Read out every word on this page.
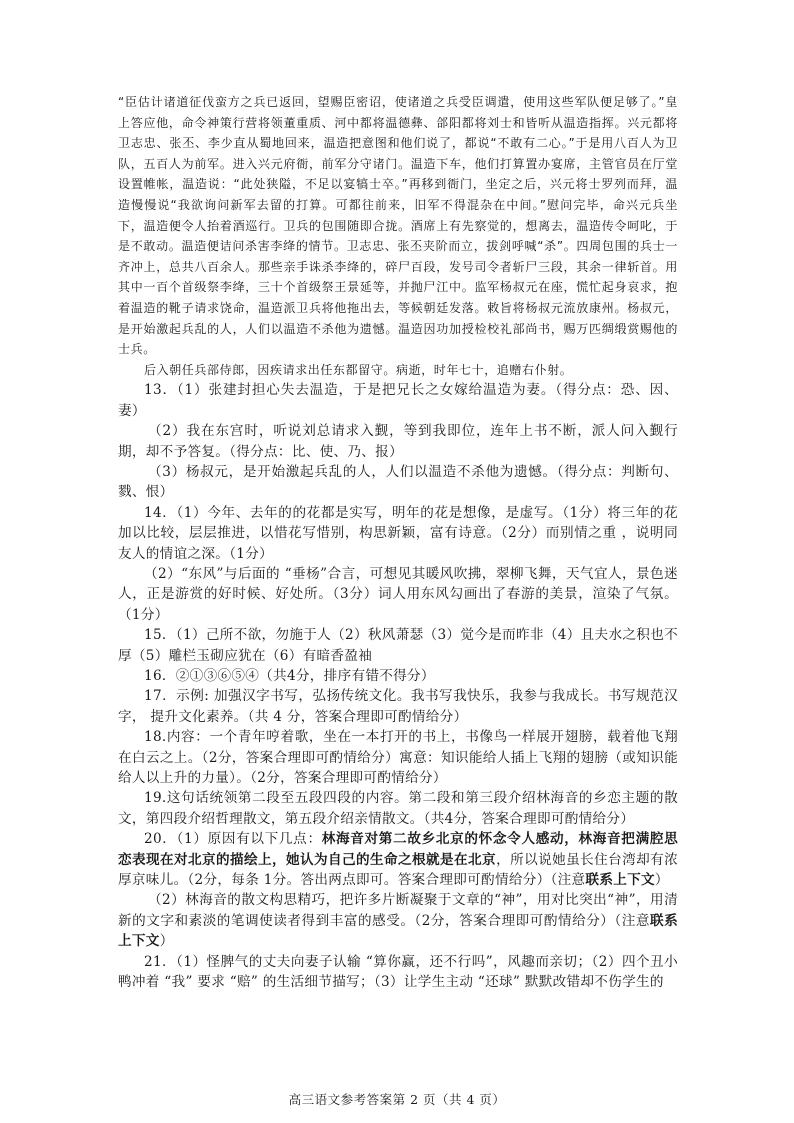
“臣估计诸道征伐蛮方之兵已返回，望赐臣密诏，使诸道之兵受臣调遣，使用这些军队便足够了。”皇上答应他，命令神策行营将领董重质、河中都将温德彝、郃阳都将刘士和皆听从温造指挥。兴元都将卫志忠、张丕、李少直从蜀地回来，温造把意图和他们说了，都说“不敢有二心。”于是用八百人为卫队，五百人为前军。进入兴元府衙，前军分守诸门。温造下车，他们打算置办宴席，主管官员在厅堂设置帷帐，温造说：“此处狭隘，不足以宴犒士卒。”再移到衙门，坐定之后，兴元将士罗列而拜，温造慢慢说“我欲询问新军去留的打算。可都往前来，旧军不得混杂在中间。”慰问完毕，命兴元兵坐下，温造便令人抬着酒巡行。卫兵的包围随即合拢。酒席上有先察觉的，想离去，温造传令呵叱，于是不敢动。温造便诘问杀害李绛的情节。卫志忠、张丕夹阶而立，拔剑呼喊“杀”。四周包围的兵士一齐冲上，总共八百余人。那些亲手诛杀李绛的，碎尸百段，发号司令者斩尸三段，其余一律斩首。用其中一百个首级祭李绛，三十个首级祭王景延等，并抛尸江中。监军杨叔元在座，慌忙起身哀求，抱着温造的靴子请求饶命，温造派卫兵将他拖出去，等候朝廷发落。敕旨将杨叔元流放康州。杨叔元，是开始激起兵乱的人，人们以温造不杀他为遗憾。温造因功加授检校礼部尚书，赐万匹绸缎赏赐他的士兵。

后入朝任兵部侍郎，因疾请求出任东都留守。病逝，时年七十，追赠右仆射。

13．（1）张建封担心失去温造，于是把兄长之女嫁给温造为妻。（得分点：恐、因、妻）

（2）我在东宫时，听说刘总请求入觐，等到我即位，连年上书不断，派人问入觐行期，却不予答复。（得分点：比、使、乃、报）

（3）杨叔元，是开始激起兵乱的人，人们以温造不杀他为遗憾。（得分点：判断句、戮、恨）

14．（1）今年、去年的的花都是实写，明年的花是想像，是虚写。（1分）将三年的花加以比较，层层推进，以惜花写惜别，构思新颖，富有诗意。（2分）而别情之重 ，说明同友人的情谊之深。（1分）

（2）“东风”与后面的 “垂杨”合言，可想见其暖风吹拂，翠柳飞舞，天气宜人，景色迷人，正是游赏的好时候、好处所。（3分）词人用东风勾画出了春游的美景，渲染了气氛。（1分）

15．（1）己所不欲，勿施于人（2）秋风萧瑟（3）觉今是而昨非（4）且夫水之积也不厚（5）雕栏玉砌应犹在（6）有暗香盈袖

16．②①③⑥⑤④（共4分，排序有错不得分）

17．示例: 加强汉字书写，弘扬传统文化。我书写我快乐，我参与我成长。书写规范汉字， 提升文化素养。（共 4 分，答案合理即可酌情给分）

18.内容：一个青年哼着歌，坐在一本打开的书上，书像鸟一样展开翅膀，载着他飞翔在白云之上。（2分，答案合理即可酌情给分）寓意：知识能给人插上飞翔的翅膀（或知识能给人以上升的力量）。（2分，答案合理即可酌情给分）

19.这句话统领第二段至五段四段的内容。第二段和第三段介绍林海音的乡恋主题的散文，第四段介绍哲理散文，第五段介绍亲情散文。（共4分，答案合理即可酌情给分）

20．（1）原因有以下几点：林海音对第二故乡北京的怀念令人感动，林海音把满腔思恋表现在对北京的描绘上，她认为自己的生命之根就是在北京，所以说她虽长住台湾却有浓厚京味儿。（2分，每条 1分。答出两点即可。答案合理即可酌情给分）（注意联系上下文）

（2）林海音的散文构思精巧，把许多片断凝聚于文章的“神”，用对比突出“神”，用清新的文字和素淡的笔调使读者得到丰富的感受。（2分，答案合理即可酌情给分）（注意联系上下文）

21．（1）怪脾气的丈夫向妻子认输 “算你赢，还不行吗”，风趣而亲切；（2）四个丑小鸭冲着 “我” 要求 “赔” 的生活细节描写；（3）让学生主动 “还球” 默默改错却不伤学生的

高三语文参考答案第 2 页（共 4 页）
